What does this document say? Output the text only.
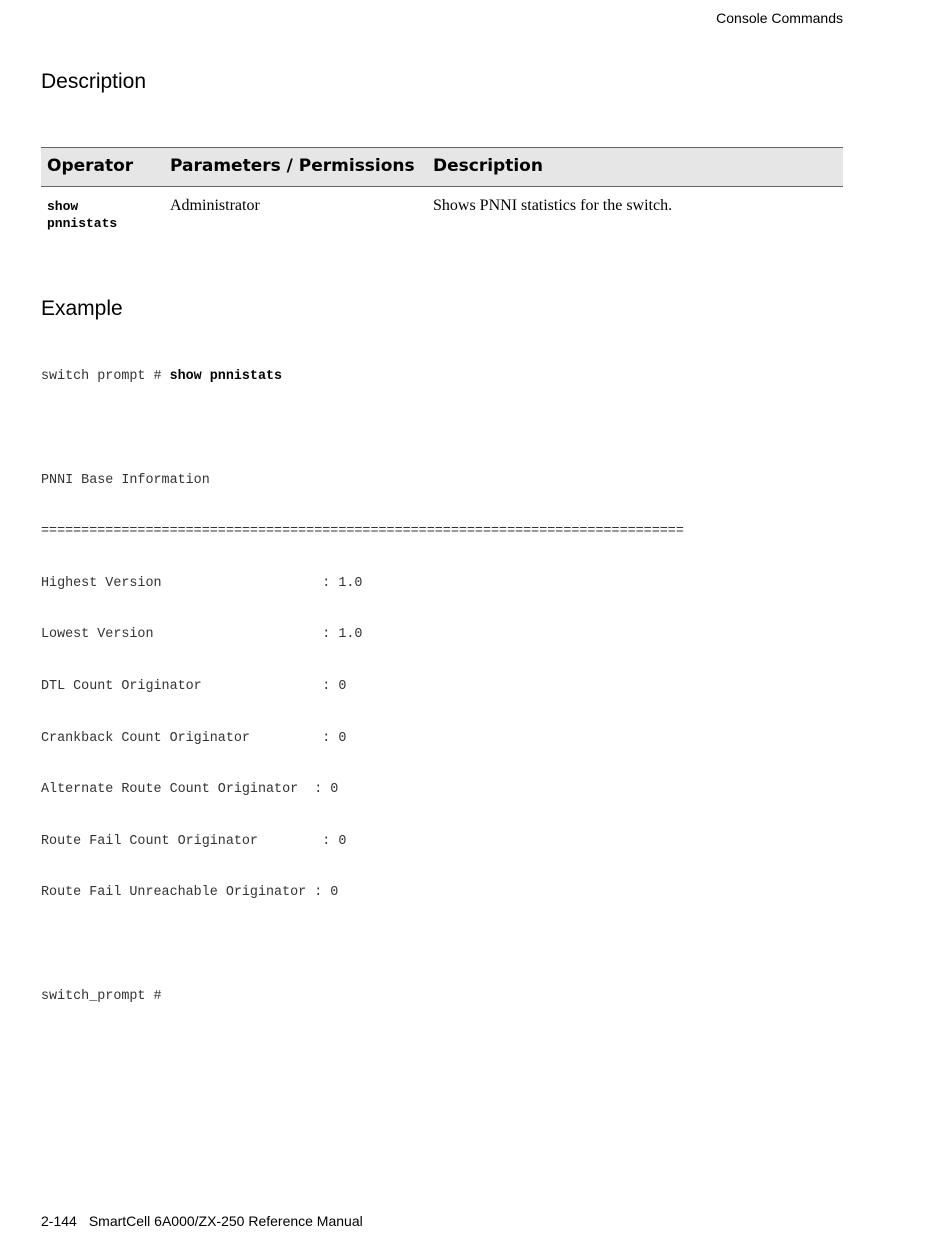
Console Commands
Description
Operator	Parameters / Permissions	Description

show
pnnistats	Administrator	Shows PNNI statistics for the switch.
Example

switch prompt # show pnnistats

PNNI Base Information

================================================================================

Highest Version                    : 1.0

Lowest Version                     : 1.0

DTL Count Originator               : 0

Crankback Count Originator         : 0

Alternate Route Count Originator  : 0

Route Fail Count Originator        : 0

Route Fail Unreachable Originator : 0

switch_prompt #

2-144 SmartCell 6A000/ZX-250 Reference Manual
